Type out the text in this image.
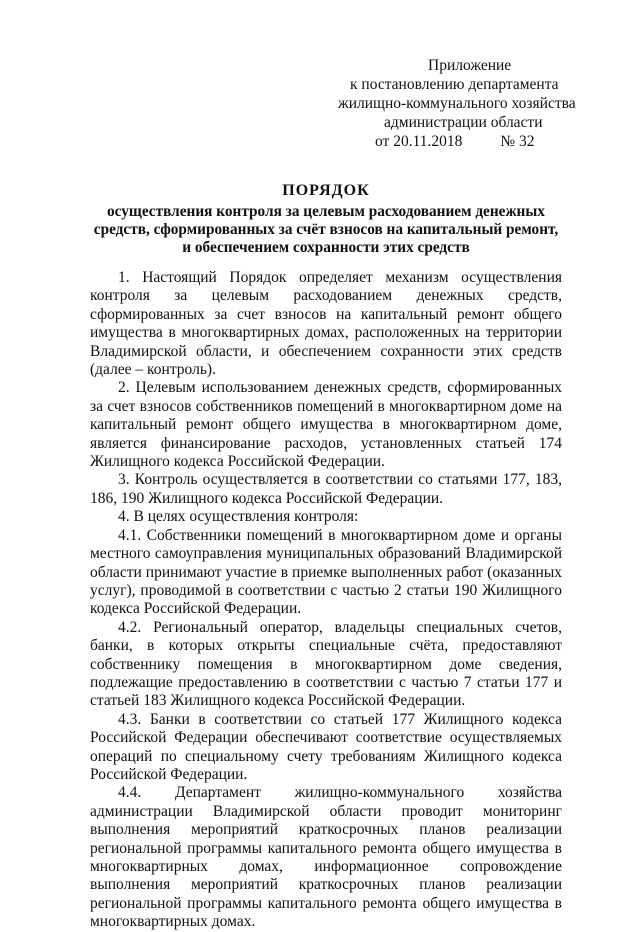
Приложение
к постановлению департамента
жилищно-коммунального хозяйства
администрации области
от 20.11.2018 № 32
ПОРЯДОК
осуществления контроля за целевым расходованием денежных средств, сформированных за счёт взносов на капитальный ремонт, и обеспечением сохранности этих средств

1. Настоящий Порядок определяет механизм осуществления контроля за целевым расходованием денежных средств, сформированных за счет взносов на капитальный ремонт общего имущества в многоквартирных домах, расположенных на территории Владимирской области, и обеспечением сохранности этих средств (далее – контроль).

2. Целевым использованием денежных средств, сформированных за счет взносов собственников помещений в многоквартирном доме на капитальный ремонт общего имущества в многоквартирном доме, является финансирование расходов, установленных статьей 174 Жилищного кодекса Российской Федерации.

3. Контроль осуществляется в соответствии со статьями 177, 183, 186, 190 Жилищного кодекса Российской Федерации.

4. В целях осуществления контроля:

4.1. Собственники помещений в многоквартирном доме и органы местного самоуправления муниципальных образований Владимирской области принимают участие в приемке выполненных работ (оказанных услуг), проводимой в соответствии с частью 2 статьи 190 Жилищного кодекса Российской Федерации.

4.2. Региональный оператор, владельцы специальных счетов, банки, в которых открыты специальные счёта, предоставляют собственнику помещения в многоквартирном доме сведения, подлежащие предоставлению в соответствии с частью 7 статьи 177 и статьей 183 Жилищного кодекса Российской Федерации.

4.3. Банки в соответствии со статьей 177 Жилищного кодекса Российской Федерации обеспечивают соответствие осуществляемых операций по специальному счету требованиям Жилищного кодекса Российской Федерации.

4.4. Департамент жилищно-коммунального хозяйства администрации Владимирской области проводит мониторинг выполнения мероприятий краткосрочных планов реализации региональной программы капитального ремонта общего имущества в многоквартирных домах, информационное сопровождение выполнения мероприятий краткосрочных планов реализации региональной программы капитального ремонта общего имущества в многоквартирных домах.
